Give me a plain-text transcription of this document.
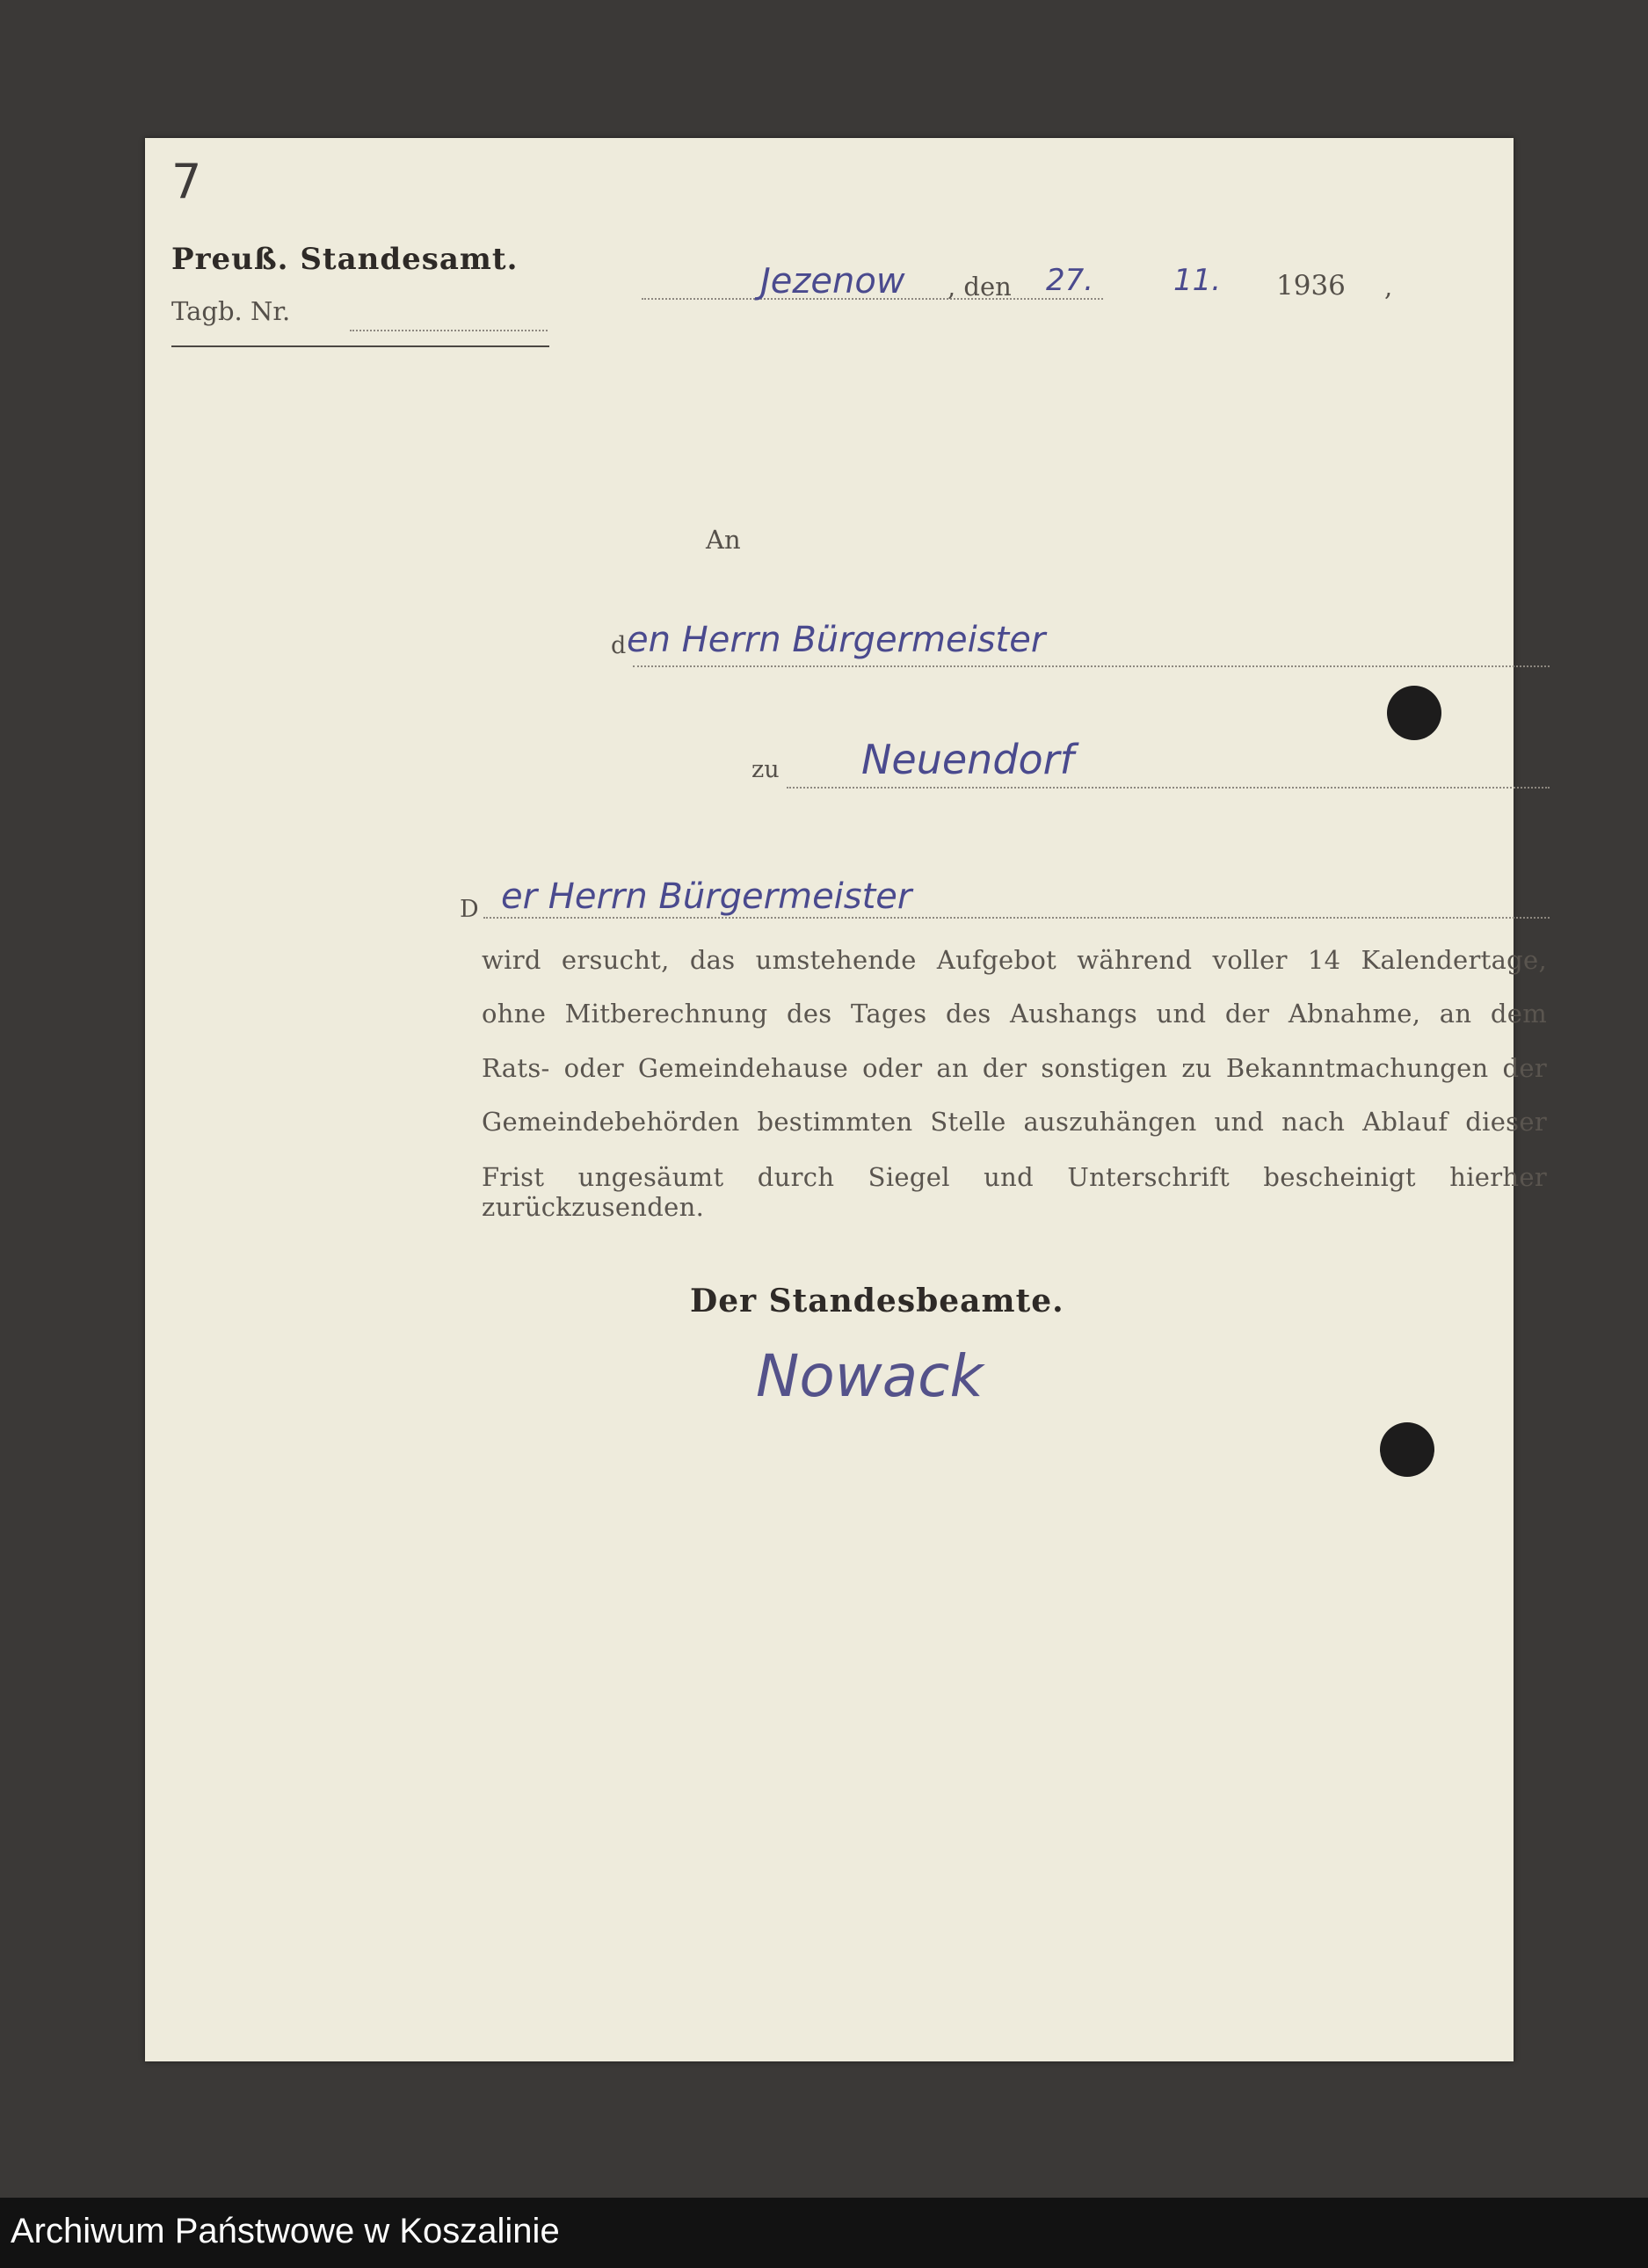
7
Preuß. Standesamt.
Tagb. Nr.
Jezenow , den 27.	11. 1936 ,
An
d en Herrn Bürgermeister
zu Neuendorf
D er Herrn Bürgermeister
wird ersucht, das umstehende Aufgebot während voller 14 Kalendertage,
ohne Mitberechnung des Tages des Aushangs und der Abnahme, an dem
Rats- oder Gemeindehause oder an der sonstigen zu Bekanntmachungen der
Gemeindebehörden bestimmten Stelle auszuhängen und nach Ablauf dieser
Frist ungesäumt durch Siegel und Unterschrift bescheinigt hierher zurückzusenden.
Der Standesbeamte.
Nowack
Archiwum Państwowe w Koszalinie
